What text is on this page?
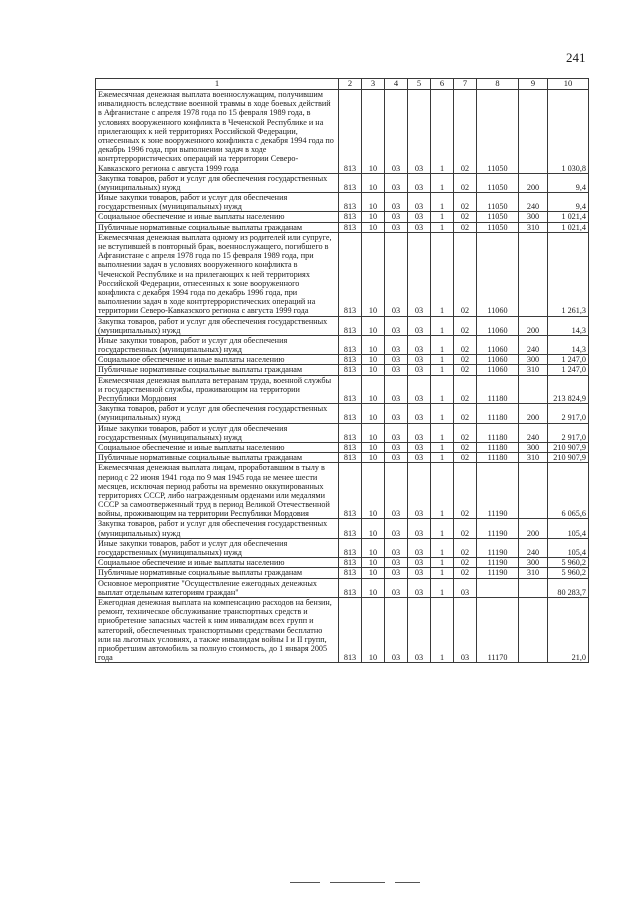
241
1	2	3	4	5	6	7	8	9	10
Ежемесячная денежная выплата военнослужащим, получившим инвалидность вследствие военной травмы в ходе боевых действий в Афганистане с апреля 1978 года по 15 февраля 1989 года, в условиях вооруженного конфликта в Чеченской Республике и на прилегающих к ней территориях Российской Федерации, отнесенных к зоне вооруженного конфликта с декабря 1994 года по декабрь 1996 года, при выполнении задач в ходе контртеррористических операций на территории Северо-Кавказского региона с августа 1999 года	813	10	03	03	1	02	11050		1 030,8
Закупка товаров, работ и услуг для обеспечения государственных (муниципальных) нужд	813	10	03	03	1	02	11050	200	9,4
Иные закупки товаров, работ и услуг для обеспечения государственных (муниципальных) нужд	813	10	03	03	1	02	11050	240	9,4
Социальное обеспечение и иные выплаты населению	813	10	03	03	1	02	11050	300	1 021,4
Публичные нормативные социальные выплаты гражданам	813	10	03	03	1	02	11050	310	1 021,4
Ежемесячная денежная выплата одному из родителей или супруге, не вступившей в повторный брак, военнослужащего, погибшего в Афганистане с апреля 1978 года по 15 февраля 1989 года, при выполнении задач в условиях вооруженного конфликта в Чеченской Республике и на прилегающих к ней территориях Российской Федерации, отнесенных к зоне вооруженного конфликта с декабря 1994 года по декабрь 1996 года, при выполнении задач в ходе контртеррористических операций на территории Северо-Кавказского региона с августа 1999 года	813	10	03	03	1	02	11060		1 261,3
Закупка товаров, работ и услуг для обеспечения государственных (муниципальных) нужд	813	10	03	03	1	02	11060	200	14,3
Иные закупки товаров, работ и услуг для обеспечения государственных (муниципальных) нужд	813	10	03	03	1	02	11060	240	14,3
Социальное обеспечение и иные выплаты населению	813	10	03	03	1	02	11060	300	1 247,0
Публичные нормативные социальные выплаты гражданам	813	10	03	03	1	02	11060	310	1 247,0
Ежемесячная денежная выплата ветеранам труда, военной службы и государственной службы, проживающим на территории Республики Мордовия	813	10	03	03	1	02	11180		213 824,9
Закупка товаров, работ и услуг для обеспечения государственных (муниципальных) нужд	813	10	03	03	1	02	11180	200	2 917,0
Иные закупки товаров, работ и услуг для обеспечения государственных (муниципальных) нужд	813	10	03	03	1	02	11180	240	2 917,0
Социальное обеспечение и иные выплаты населению	813	10	03	03	1	02	11180	300	210 907,9
Публичные нормативные социальные выплаты гражданам	813	10	03	03	1	02	11180	310	210 907,9
Ежемесячная денежная выплата лицам, проработавшим в тылу в период с 22 июня 1941 года по 9 мая 1945 года не менее шести месяцев, исключая период работы на временно оккупированных территориях СССР, либо награжденным орденами или медалями СССР за самоотверженный труд в период Великой Отечественной войны, проживающим на территории Республики Мордовия	813	10	03	03	1	02	11190		6 065,6
Закупка товаров, работ и услуг для обеспечения государственных (муниципальных) нужд	813	10	03	03	1	02	11190	200	105,4
Иные закупки товаров, работ и услуг для обеспечения государственных (муниципальных) нужд	813	10	03	03	1	02	11190	240	105,4
Социальное обеспечение и иные выплаты населению	813	10	03	03	1	02	11190	300	5 960,2
Публичные нормативные социальные выплаты гражданам	813	10	03	03	1	02	11190	310	5 960,2
Основное мероприятие "Осуществление ежегодных денежных выплат отдельным категориям граждан"	813	10	03	03	1	03			80 283,7
Ежегодная денежная выплата на компенсацию расходов на бензин, ремонт, техническое обслуживание транспортных средств и приобретение запасных частей к ним инвалидам всех групп и категорий, обеспеченных транспортными средствами бесплатно или на льготных условиях, а также инвалидам войны I и II групп, приобретшим автомобиль за полную стоимость, до 1 января 2005 года	813	10	03	03	1	03	11170		21,0
